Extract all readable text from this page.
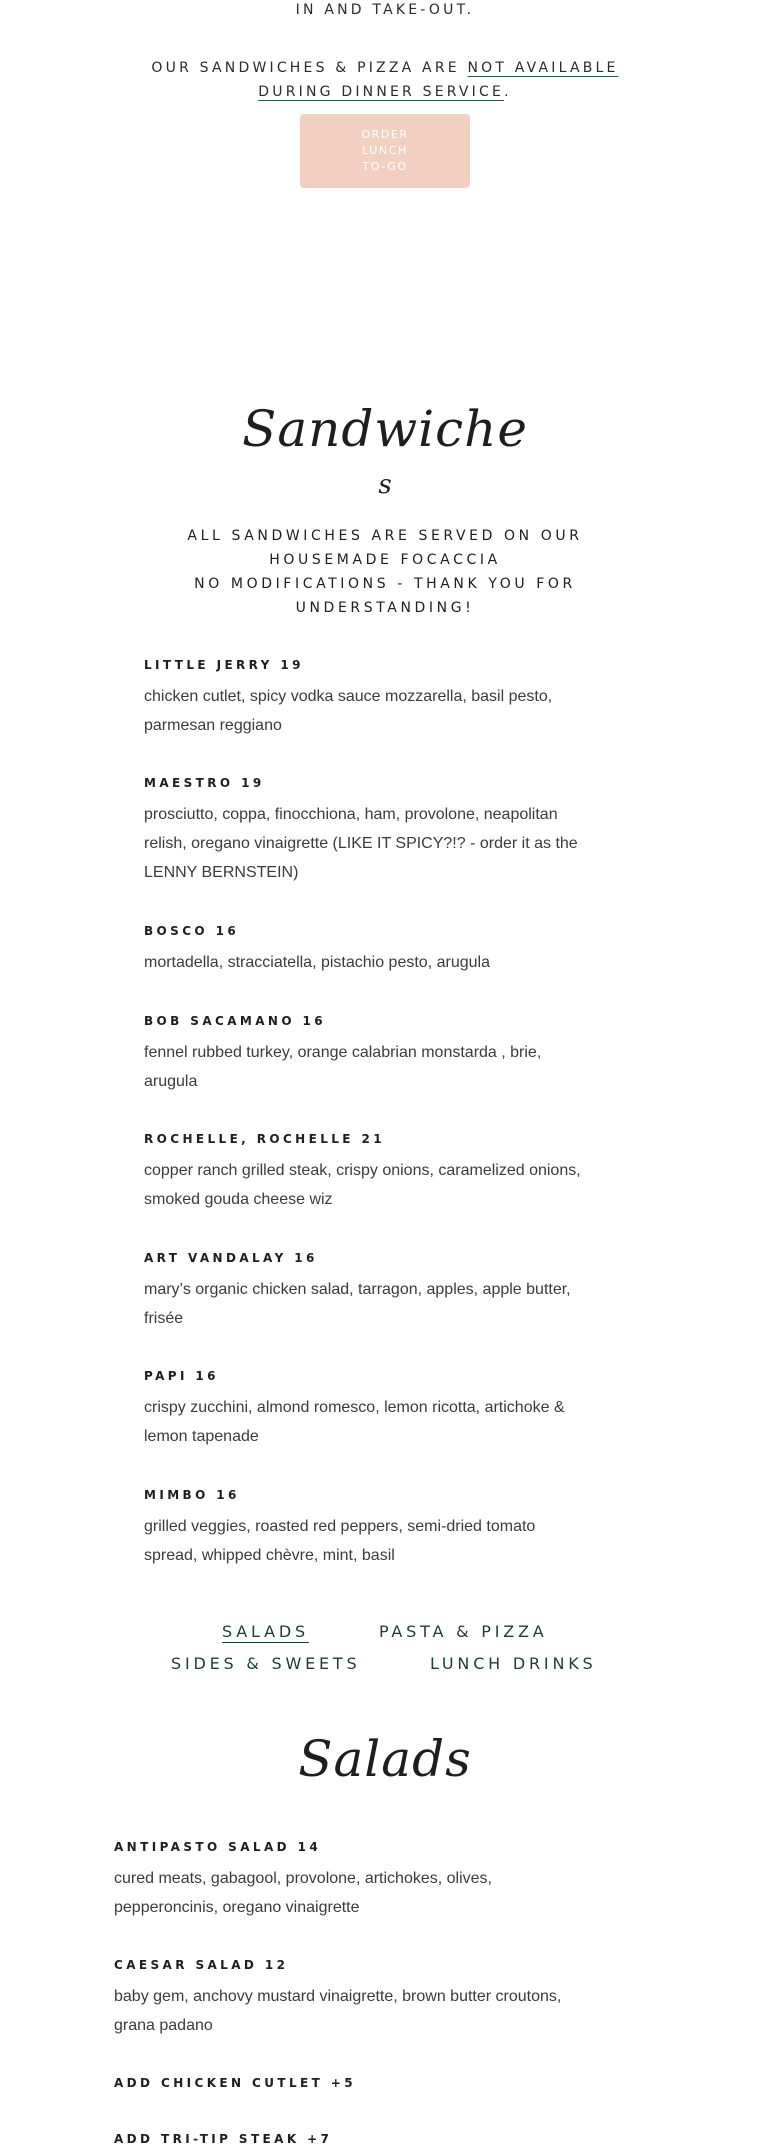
IN AND TAKE-OUT.
OUR SANDWICHES & PIZZA ARE NOT AVAILABLE DURING DINNER SERVICE.
ORDER LUNCH TO-GO
Sandwiche
s
ALL SANDWICHES ARE SERVED ON OUR HOUSEMADE FOCACCIA
NO MODIFICATIONS - THANK YOU FOR UNDERSTANDING!
LITTLE JERRY 19
chicken cutlet, spicy vodka sauce mozzarella, basil pesto, parmesan reggiano
MAESTRO 19
prosciutto, coppa, finocchiona, ham, provolone, neapolitan relish, oregano vinaigrette (LIKE IT SPICY?!? - order it as the LENNY BERNSTEIN)
BOSCO 16
mortadella, stracciatella, pistachio pesto, arugula
BOB SACAMANO 16
fennel rubbed turkey, orange calabrian monstarda , brie, arugula
ROCHELLE, ROCHELLE 21
copper ranch grilled steak, crispy onions, caramelized onions, smoked gouda cheese wiz
ART VANDALAY 16
mary’s organic chicken salad, tarragon, apples, apple butter, frisée
PAPI 16
crispy zucchini, almond romesco, lemon ricotta, artichoke & lemon tapenade
MIMBO 16
grilled veggies, roasted red peppers, semi-dried tomato spread, whipped chèvre, mint, basil
SALADS	PASTA & PIZZA
SIDES & SWEETS	LUNCH DRINKS
Salads
ANTIPASTO SALAD 14
cured meats, gabagool, provolone, artichokes, olives, pepperoncinis, oregano vinaigrette
CAESAR SALAD 12
baby gem, anchovy mustard vinaigrette, brown butter croutons, grana padano
ADD CHICKEN CUTLET +5
ADD TRI-TIP STEAK +7
